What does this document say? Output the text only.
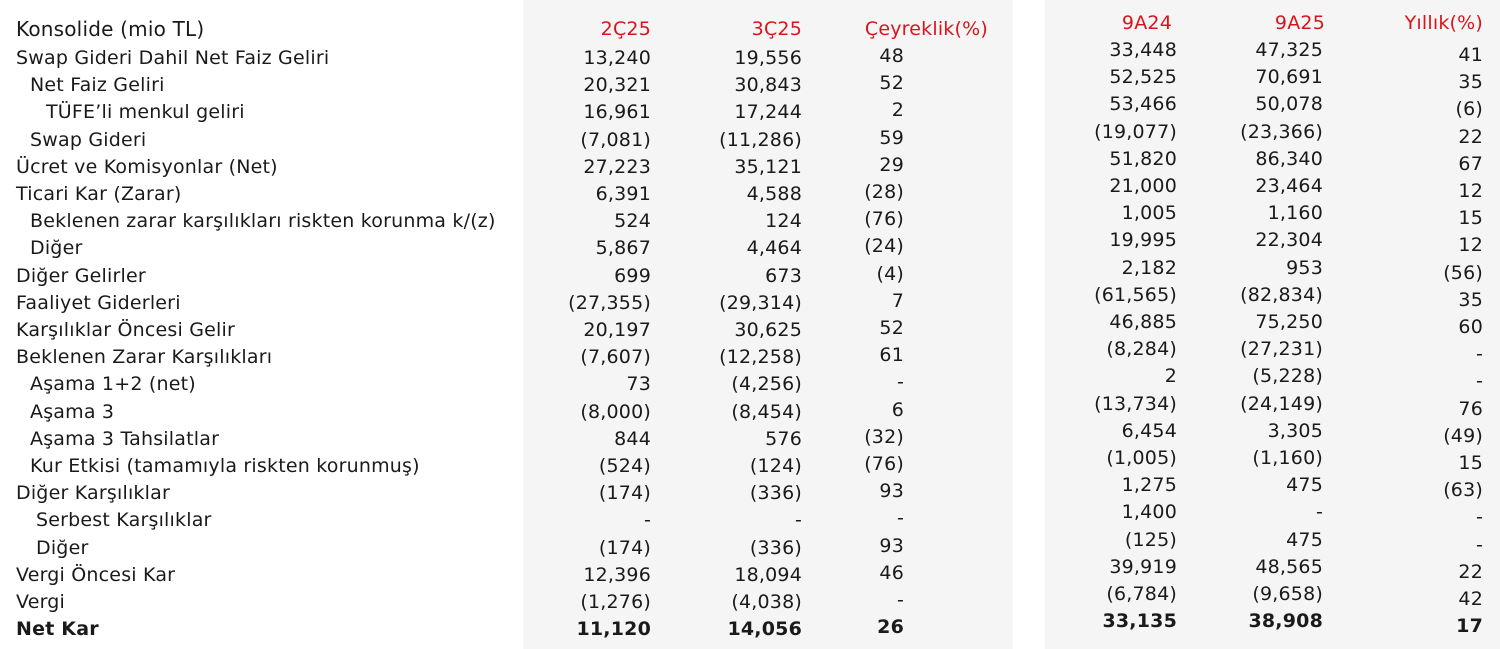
Konsolide (mio TL)	2Ç25	3Ç25	Çeyreklik(%)	9A24	9A25	Yıllık(%)
Swap Gideri Dahil Net Faiz Geliri	13,240	19,556	48	33,448	47,325	41
Net Faiz Geliri	20,321	30,843	52	52,525	70,691	35
TÜFE’li menkul geliri	16,961	17,244	2	53,466	50,078	(6)
Swap Gideri	(7,081)	(11,286)	59	(19,077)	(23,366)	22
Ücret ve Komisyonlar (Net)	27,223	35,121	29	51,820	86,340	67
Ticari Kar (Zarar)	6,391	4,588	(28)	21,000	23,464	12
Beklenen zarar karşılıkları riskten korunma k/(z)	524	124	(76)	1,005	1,160	15
Diğer	5,867	4,464	(24)	19,995	22,304	12
Diğer Gelirler	699	673	(4)	2,182	953	(56)
Faaliyet Giderleri	(27,355)	(29,314)	7	(61,565)	(82,834)	35
Karşılıklar Öncesi Gelir	20,197	30,625	52	46,885	75,250	60
Beklenen Zarar Karşılıkları	(7,607)	(12,258)	61	(8,284)	(27,231)	-
Aşama 1+2 (net)	73	(4,256)	-	2	(5,228)	-
Aşama 3	(8,000)	(8,454)	6	(13,734)	(24,149)	76
Aşama 3 Tahsilatlar	844	576	(32)	6,454	3,305	(49)
Kur Etkisi (tamamıyla riskten korunmuş)	(524)	(124)	(76)	(1,005)	(1,160)	15
Diğer Karşılıklar	(174)	(336)	93	1,275	475	(63)
Serbest Karşılıklar	-	-	-	1,400	-	-
Diğer	(174)	(336)	93	(125)	475	-
Vergi Öncesi Kar	12,396	18,094	46	39,919	48,565	22
Vergi	(1,276)	(4,038)	-	(6,784)	(9,658)	42
Net Kar	11,120	14,056	26	33,135	38,908	17
